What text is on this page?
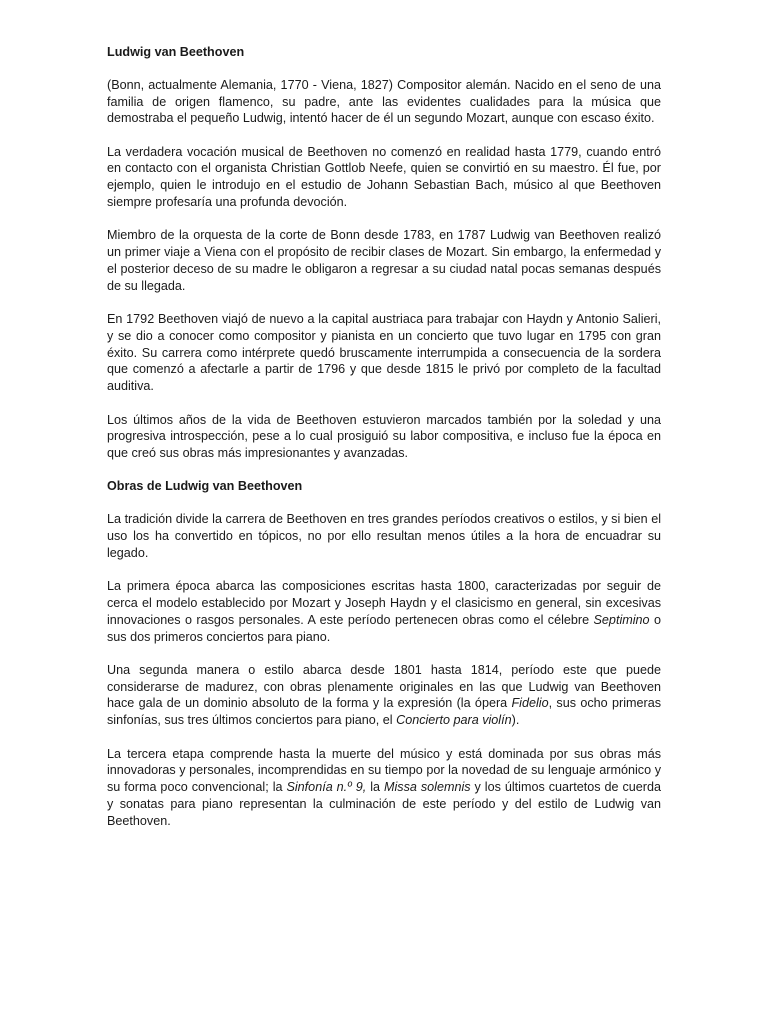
Ludwig van Beethoven

(Bonn, actualmente Alemania, 1770 - Viena, 1827) Compositor alemán. Nacido en el seno de una familia de origen flamenco, su padre, ante las evidentes cualidades para la música que demostraba el pequeño Ludwig, intentó hacer de él un segundo Mozart, aunque con escaso éxito.

La verdadera vocación musical de Beethoven no comenzó en realidad hasta 1779, cuando entró en contacto con el organista Christian Gottlob Neefe, quien se convirtió en su maestro. Él fue, por ejemplo, quien le introdujo en el estudio de Johann Sebastian Bach, músico al que Beethoven siempre profesaría una profunda devoción.

Miembro de la orquesta de la corte de Bonn desde 1783, en 1787 Ludwig van Beethoven realizó un primer viaje a Viena con el propósito de recibir clases de Mozart. Sin embargo, la enfermedad y el posterior deceso de su madre le obligaron a regresar a su ciudad natal pocas semanas después de su llegada.

En 1792 Beethoven viajó de nuevo a la capital austriaca para trabajar con Haydn y Antonio Salieri, y se dio a conocer como compositor y pianista en un concierto que tuvo lugar en 1795 con gran éxito. Su carrera como intérprete quedó bruscamente interrumpida a consecuencia de la sordera que comenzó a afectarle a partir de 1796 y que desde 1815 le privó por completo de la facultad auditiva.

Los últimos años de la vida de Beethoven estuvieron marcados también por la soledad y una progresiva introspección, pese a lo cual prosiguió su labor compositiva, e incluso fue la época en que creó sus obras más impresionantes y avanzadas.

Obras de Ludwig van Beethoven

La tradición divide la carrera de Beethoven en tres grandes períodos creativos o estilos, y si bien el uso los ha convertido en tópicos, no por ello resultan menos útiles a la hora de encuadrar su legado.

La primera época abarca las composiciones escritas hasta 1800, caracterizadas por seguir de cerca el modelo establecido por Mozart y Joseph Haydn y el clasicismo en general, sin excesivas innovaciones o rasgos personales. A este período pertenecen obras como el célebre Septimino o sus dos primeros conciertos para piano.

Una segunda manera o estilo abarca desde 1801 hasta 1814, período este que puede considerarse de madurez, con obras plenamente originales en las que Ludwig van Beethoven hace gala de un dominio absoluto de la forma y la expresión (la ópera Fidelio, sus ocho primeras sinfonías, sus tres últimos conciertos para piano, el Concierto para violín).

La tercera etapa comprende hasta la muerte del músico y está dominada por sus obras más innovadoras y personales, incomprendidas en su tiempo por la novedad de su lenguaje armónico y su forma poco convencional; la Sinfonía n.º 9, la Missa solemnis y los últimos cuartetos de cuerda y sonatas para piano representan la culminación de este período y del estilo de Ludwig van Beethoven.
